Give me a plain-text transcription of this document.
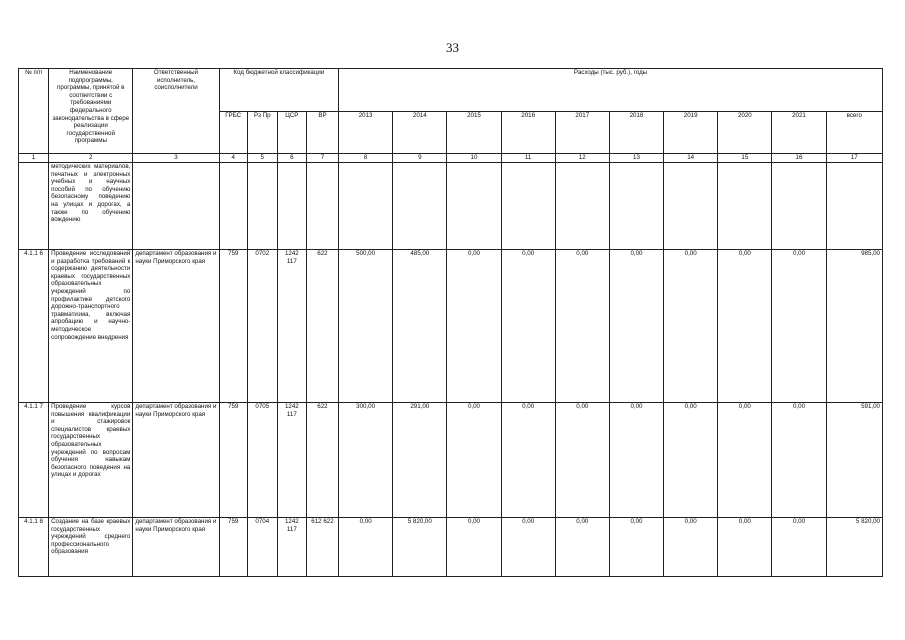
33
№ п/п	Наименование подпрограммы, программы, принятой в соответствии с требованиями федерального законодательства в сфере реализации государственной программы	Ответственный исполнитель, соисполнители	Код бюджетной классификации				Расходы (тыс. руб.), годы									
			ГРБС	Рз Пр	ЦСР	ВР	2013	2014	2015	2016	2017	2018	2019	2020	2021	всего
1	2	3	4	5	6	7	8	9	10	11	12	13	14	15	16	17
	методических материалов, печатных и электронных учебных и научных пособий по обучению безопасному поведению на улицах и дорогах, а также по обучению вождению															
4.1.1 6	Проведение исследований и разработка требований к содержанию деятельности краевых государственных образовательных учреждений по профилактике детского дорожно-транспортного травматизма, включая апробацию и научно-методическое сопровождение внедрения	департамент образования и науки Приморского края	759	0702	1242 117	622	500,00	485,00	0,00	0,00	0,00	0,00	0,00	0,00	0,00	985,00
4.1.1 7	Проведение курсов повышения квалификации и стажировок специалистов краевых государственных образовательных учреждений по вопросам обучения навыкам безопасного поведения на улицах и дорогах	департамент образования и науки Приморского края	759	0705	1242 117	622	300,00	291,00	0,00	0,00	0,00	0,00	0,00	0,00	0,00	591,00
4.1.1 8	Создание на базе краевых государственных учреждений среднего профессионального образования	департамент образования и науки Приморского края	759	0704	1242 117	612 622	0,00	5 820,00	0,00	0,00	0,00	0,00	0,00	0,00	0,00	5 820,00
